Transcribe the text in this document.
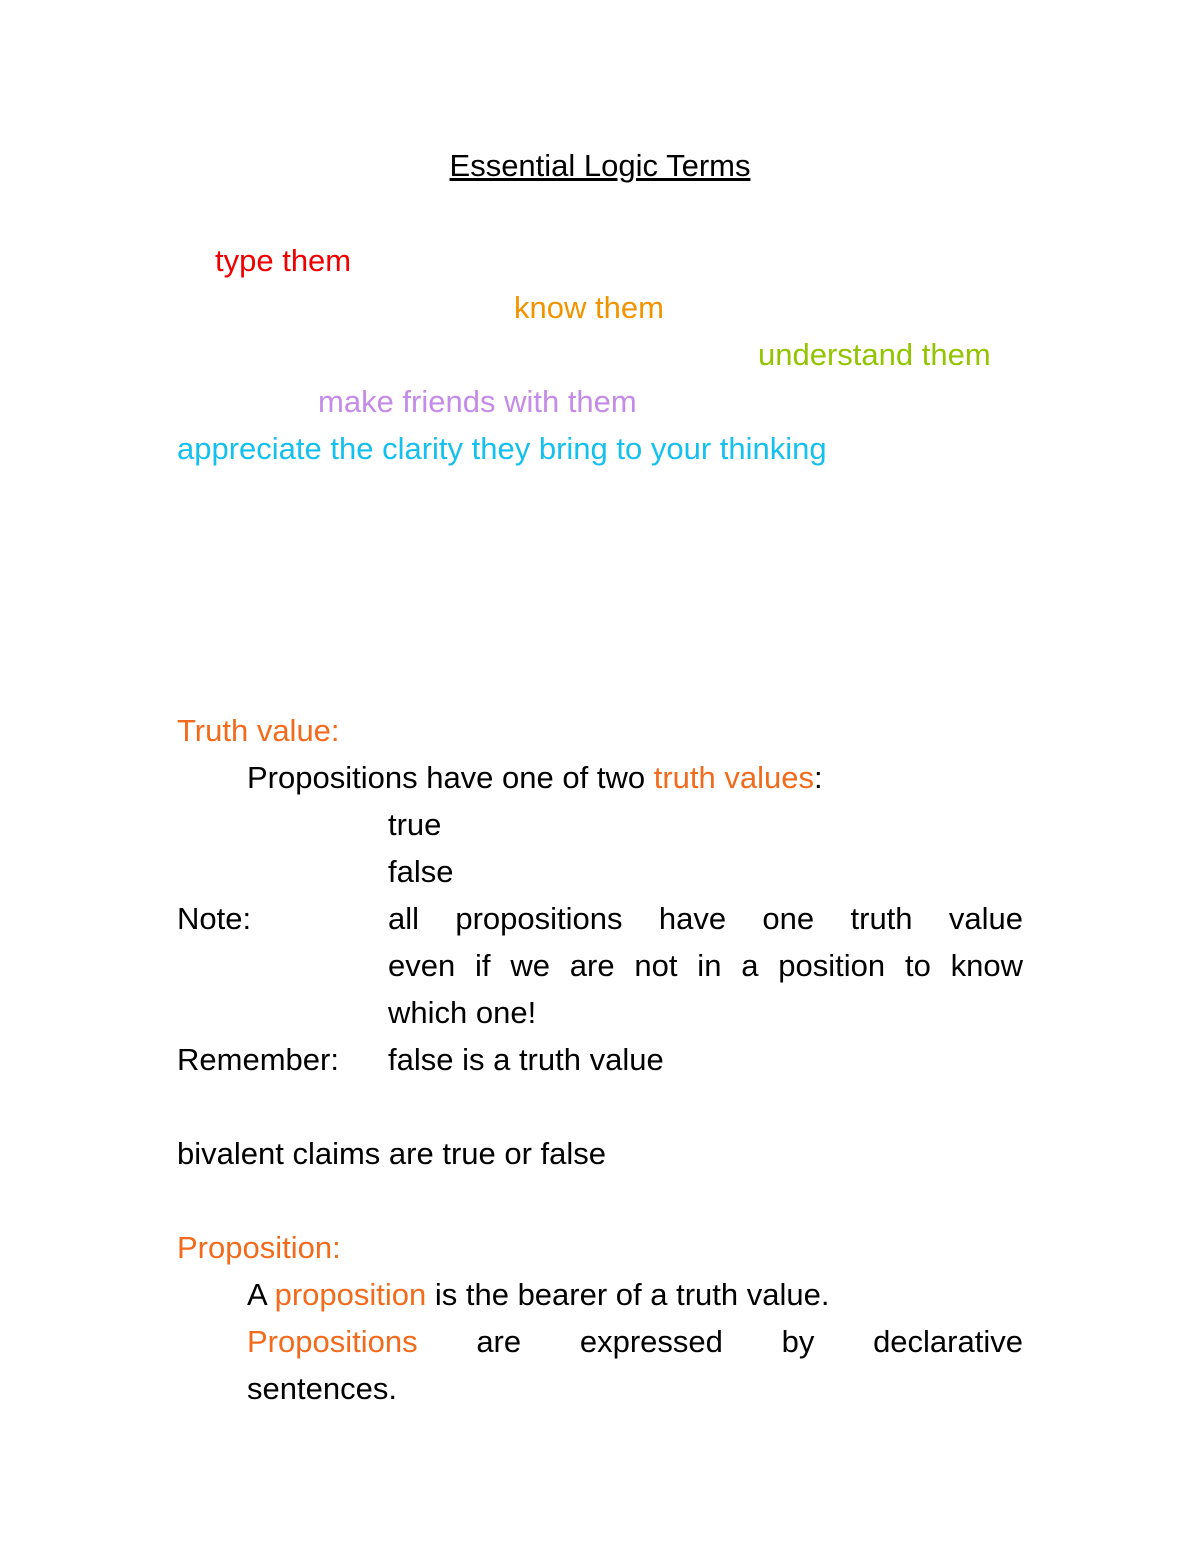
Essential Logic Terms
type them
know them
understand them
make friends with them
appreciate the clarity they bring to your thinking
Truth value:
Propositions have one of two truth values:
true
false
Note:	all propositions have one truth value
even if we are not in a position to know
which one!
Remember: false is a truth value
bivalent claims are true or false
Proposition:
A proposition is the bearer of a truth value.
Propositions are expressed by declarative
sentences.
